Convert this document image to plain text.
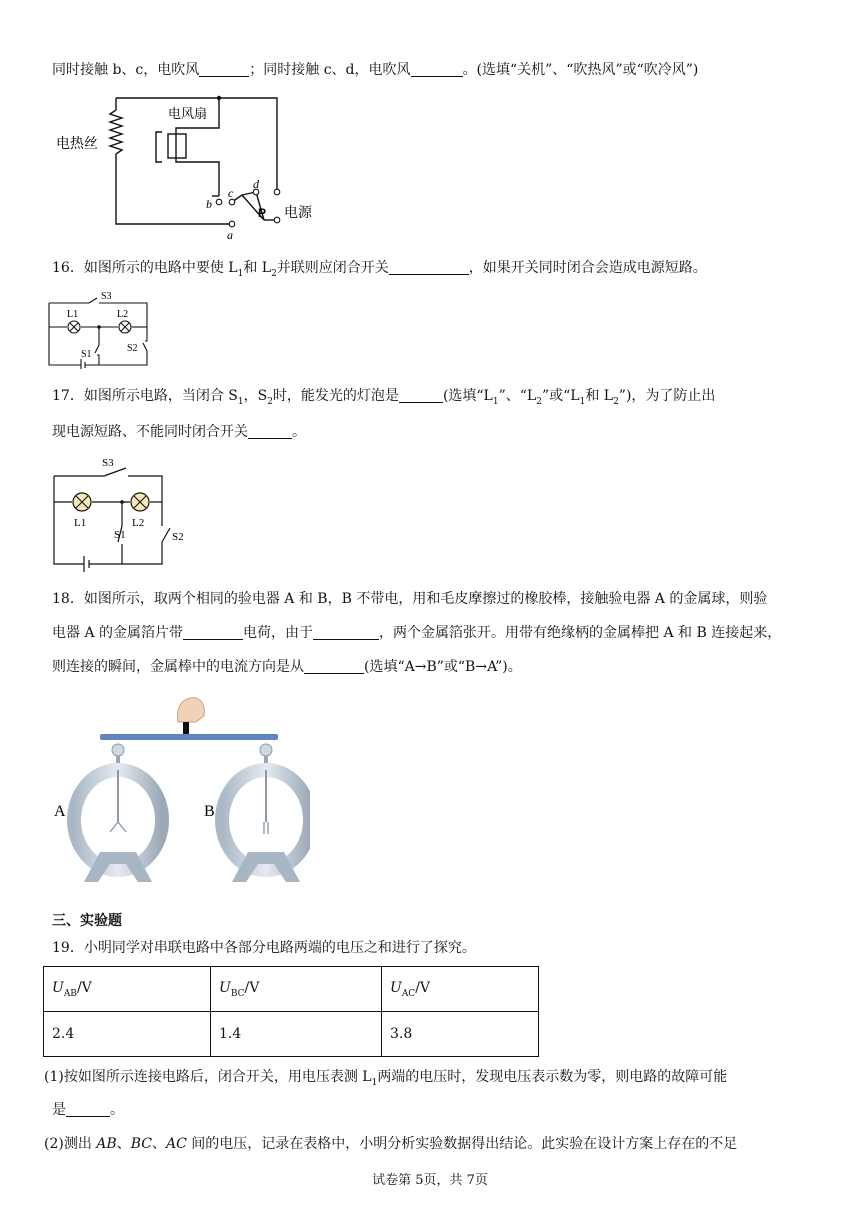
同时接触 b、c，电吹风	；同时接触 c、d，电吹风	。(选填“关机”、“吹热风”或“吹冷风”)
电热丝
电风扇
电源
b
c
d
a
P
16．如图所示的电路中要使 $L_1$和 $L_2$并联则应闭合开关	，如果开关同时闭合会造成电源短路。
S3
L1	L2
S1
S2
17．如图所示电路，当闭合 $S_1$，$S_2$时，能发光的灯泡是	(选填“$L_1$”、“$L_2$”或“$L_1$和 $L_2$”)，为了防止出
现电源短路、不能同时闭合开关	。
S3
L1	L2
S1	S2
18．如图所示，取两个相同的验电器 A 和 B，B 不带电，用和毛皮摩擦过的橡胶棒，接触验电器 A 的金属球，则验
电器 A 的金属箔片带	电荷，由于	，两个金属箔张开。用带有绝缘柄的金属棒把 A 和 B 连接起来，
则连接的瞬间，金属棒中的电流方向是从	(选填“A→B”或“B→A”)。
A	B
三、实验题
19．小明同学对串联电路中各部分电路两端的电压之和进行了探究。
$U_{AB}/V$	$U_{BC}/V$	$U_{AC}/V$
2.4	1.4	3.8
(1)按如图所示连接电路后，闭合开关，用电压表测 $L_1$两端的电压时，发现电压表示数为零，则电路的故障可能
是	。
(2)测出 AB、BC、AC 间的电压，记录在表格中，小明分析实验数据得出结论。此实验在设计方案上存在的不足
试卷第 5页，共 7页
